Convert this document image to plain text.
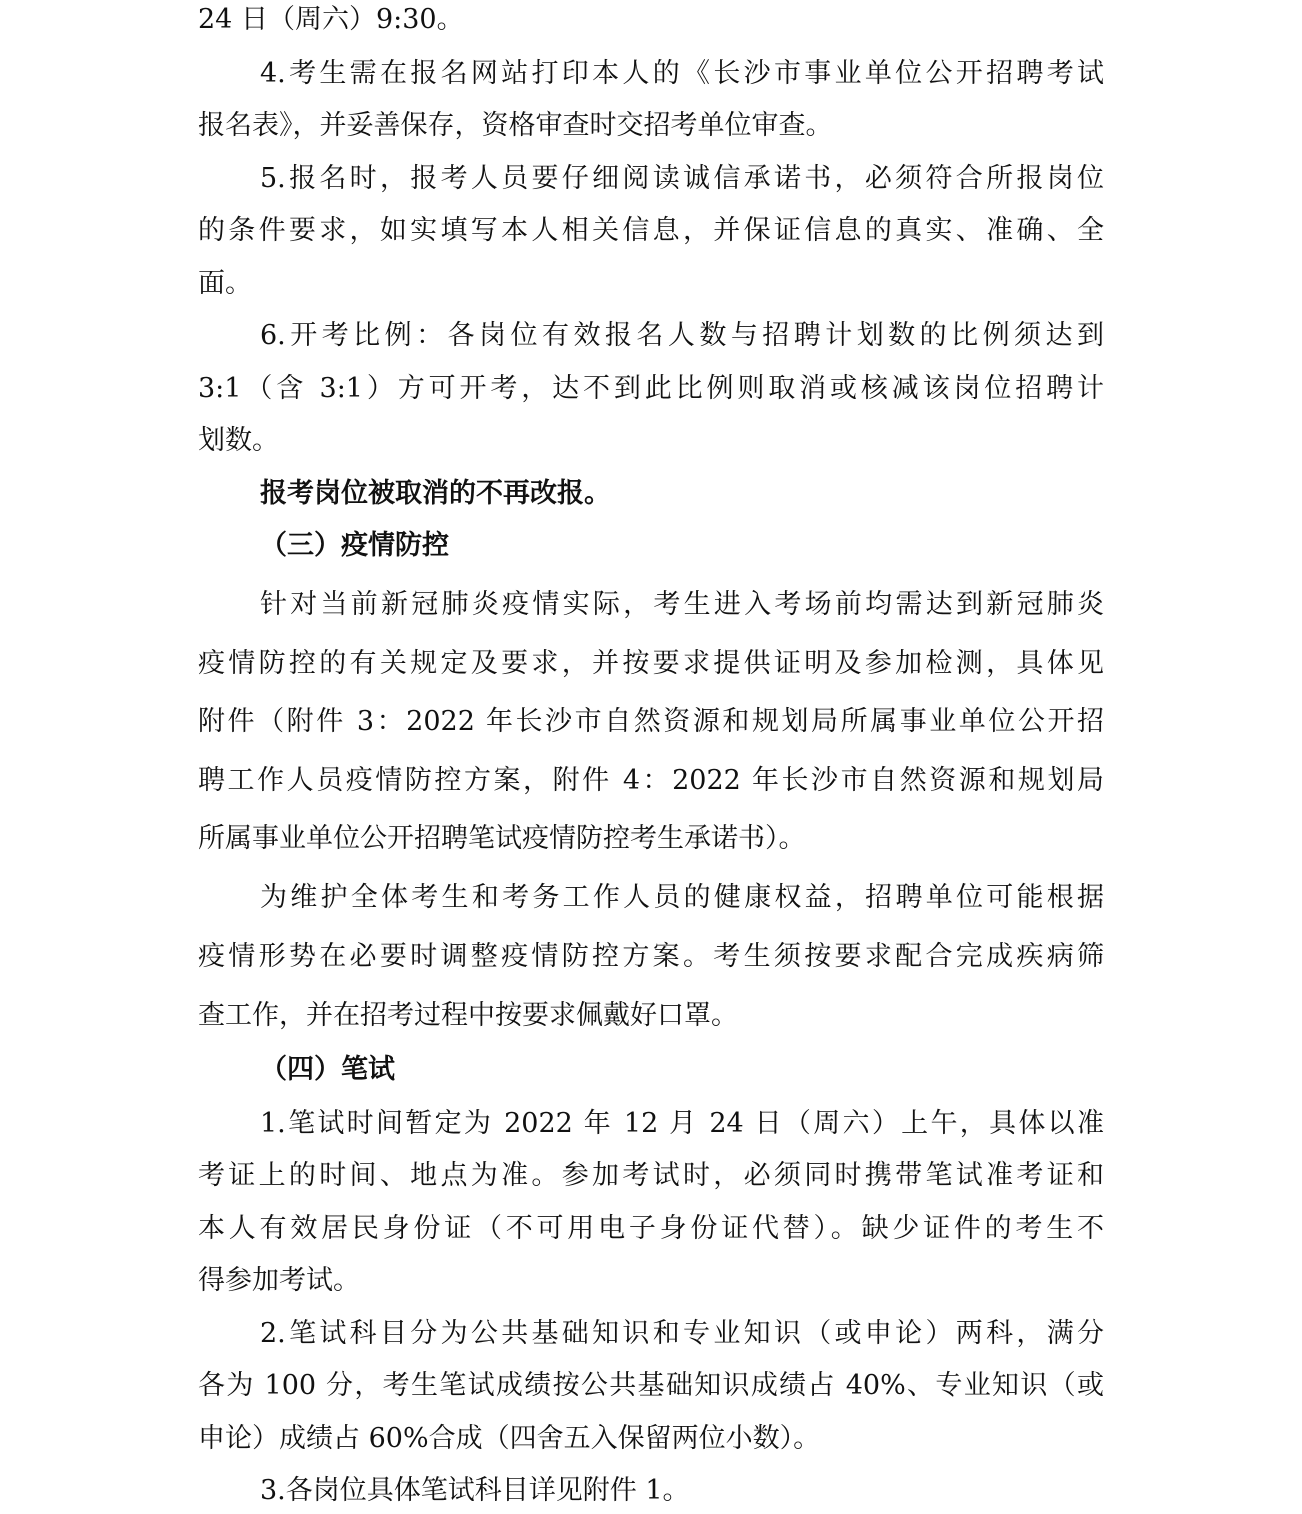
24 日（周六）9:30。
4.考生需在报名网站打印本人的《长沙市事业单位公开招聘考试
报名表》，并妥善保存，资格审查时交招考单位审查。
5.报名时，报考人员要仔细阅读诚信承诺书，必须符合所报岗位
的条件要求，如实填写本人相关信息，并保证信息的真实、准确、全
面。
6.开考比例：各岗位有效报名人数与招聘计划数的比例须达到
3:1（含 3:1）方可开考，达不到此比例则取消或核减该岗位招聘计
划数。
报考岗位被取消的不再改报。
（三）疫情防控
针对当前新冠肺炎疫情实际，考生进入考场前均需达到新冠肺炎
疫情防控的有关规定及要求，并按要求提供证明及参加检测，具体见
附件（附件 3：2022 年长沙市自然资源和规划局所属事业单位公开招
聘工作人员疫情防控方案，附件 4：2022 年长沙市自然资源和规划局
所属事业单位公开招聘笔试疫情防控考生承诺书）。
为维护全体考生和考务工作人员的健康权益，招聘单位可能根据
疫情形势在必要时调整疫情防控方案。考生须按要求配合完成疾病筛
查工作，并在招考过程中按要求佩戴好口罩。
（四）笔试
1.笔试时间暂定为 2022 年 12 月 24 日（周六）上午，具体以准
考证上的时间、地点为准。参加考试时，必须同时携带笔试准考证和
本人有效居民身份证（不可用电子身份证代替）。缺少证件的考生不
得参加考试。
2.笔试科目分为公共基础知识和专业知识（或申论）两科，满分
各为 100 分，考生笔试成绩按公共基础知识成绩占 40%、专业知识（或
申论）成绩占 60%合成（四舍五入保留两位小数）。
3.各岗位具体笔试科目详见附件 1。
